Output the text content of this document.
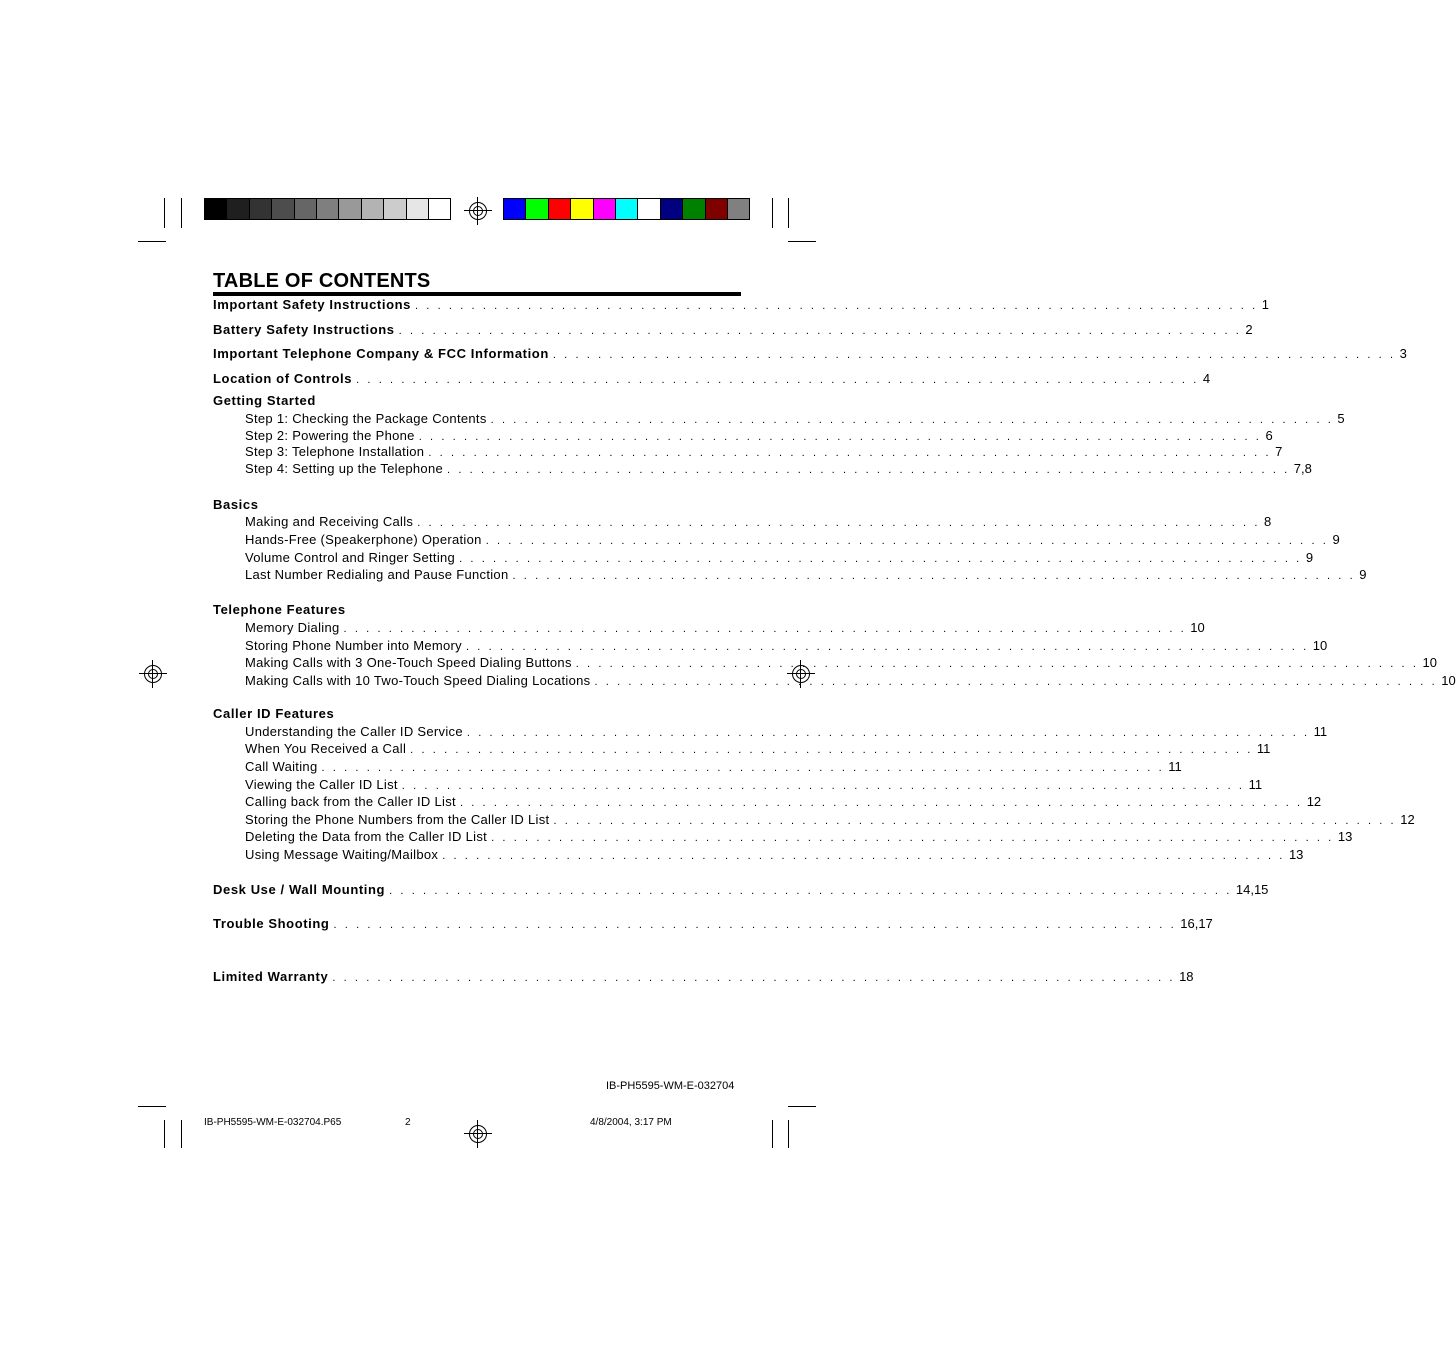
TABLE OF CONTENTS
Important Safety Instructions . . . . . . . . . . . . . . . . . . . . . . . . . . . . . . . . . . . . . . . . . . . . . . . . . . . . . . . . . . . . . . . . . . . . . . . . . . . 1
Battery Safety Instructions . . . . . . . . . . . . . . . . . . . . . . . . . . . . . . . . . . . . . . . . . . . . . . . . . . . . . . . . . . . . . . . . . . . . . . . . . . . 2
Important Telephone Company & FCC Information . . . . . . . . . . . . . . . . . . . . . . . . . . . . . . . . . . . . . . . . . . . . . . . . . . . . . . . . . . . . . . . . . . . . . . . . . . . 3
Location of Controls . . . . . . . . . . . . . . . . . . . . . . . . . . . . . . . . . . . . . . . . . . . . . . . . . . . . . . . . . . . . . . . . . . . . . . . . . . . 4
Getting Started
Step 1: Checking the Package Contents . . . . . . . . . . . . . . . . . . . . . . . . . . . . . . . . . . . . . . . . . . . . . . . . . . . . . . . . . . . . . . . . . . . . . . . . . . . 5
Step 2: Powering the Phone . . . . . . . . . . . . . . . . . . . . . . . . . . . . . . . . . . . . . . . . . . . . . . . . . . . . . . . . . . . . . . . . . . . . . . . . . . . 6
Step 3: Telephone Installation . . . . . . . . . . . . . . . . . . . . . . . . . . . . . . . . . . . . . . . . . . . . . . . . . . . . . . . . . . . . . . . . . . . . . . . . . . . 7
Step 4: Setting up the Telephone . . . . . . . . . . . . . . . . . . . . . . . . . . . . . . . . . . . . . . . . . . . . . . . . . . . . . . . . . . . . . . . . . . . . . . . . . . . 7,8
Basics
Making and Receiving Calls . . . . . . . . . . . . . . . . . . . . . . . . . . . . . . . . . . . . . . . . . . . . . . . . . . . . . . . . . . . . . . . . . . . . . . . . . . . 8
Hands-Free (Speakerphone) Operation . . . . . . . . . . . . . . . . . . . . . . . . . . . . . . . . . . . . . . . . . . . . . . . . . . . . . . . . . . . . . . . . . . . . . . . . . . . 9
Volume Control and Ringer Setting . . . . . . . . . . . . . . . . . . . . . . . . . . . . . . . . . . . . . . . . . . . . . . . . . . . . . . . . . . . . . . . . . . . . . . . . . . . 9
Last Number Redialing and Pause Function . . . . . . . . . . . . . . . . . . . . . . . . . . . . . . . . . . . . . . . . . . . . . . . . . . . . . . . . . . . . . . . . . . . . . . . . . . . 9
Telephone Features
Memory Dialing . . . . . . . . . . . . . . . . . . . . . . . . . . . . . . . . . . . . . . . . . . . . . . . . . . . . . . . . . . . . . . . . . . . . . . . . . . . 10
Storing Phone Number into Memory . . . . . . . . . . . . . . . . . . . . . . . . . . . . . . . . . . . . . . . . . . . . . . . . . . . . . . . . . . . . . . . . . . . . . . . . . . . 10
Making Calls with 3 One-Touch Speed Dialing Buttons . . . . . . . . . . . . . . . . . . . . . . . . . . . . . . . . . . . . . . . . . . . . . . . . . . . . . . . . . . . . . . . . . . . . . . . . . . . 10
Making Calls with 10 Two-Touch Speed Dialing Locations . . . . . . . . . . . . . . . . . . . . . . . . . . . . . . . . . . . . . . . . . . . . . . . . . . . . . . . . . . . . . . . . . . . . . . . . . . . 10
Caller ID Features
Understanding the Caller ID Service . . . . . . . . . . . . . . . . . . . . . . . . . . . . . . . . . . . . . . . . . . . . . . . . . . . . . . . . . . . . . . . . . . . . . . . . . . . 11
When You Received a Call . . . . . . . . . . . . . . . . . . . . . . . . . . . . . . . . . . . . . . . . . . . . . . . . . . . . . . . . . . . . . . . . . . . . . . . . . . . 11
Call Waiting . . . . . . . . . . . . . . . . . . . . . . . . . . . . . . . . . . . . . . . . . . . . . . . . . . . . . . . . . . . . . . . . . . . . . . . . . . . 11
Viewing the Caller ID List . . . . . . . . . . . . . . . . . . . . . . . . . . . . . . . . . . . . . . . . . . . . . . . . . . . . . . . . . . . . . . . . . . . . . . . . . . . 11
Calling back from the Caller ID List . . . . . . . . . . . . . . . . . . . . . . . . . . . . . . . . . . . . . . . . . . . . . . . . . . . . . . . . . . . . . . . . . . . . . . . . . . . 12
Storing the Phone Numbers from the Caller ID List . . . . . . . . . . . . . . . . . . . . . . . . . . . . . . . . . . . . . . . . . . . . . . . . . . . . . . . . . . . . . . . . . . . . . . . . . . . 12
Deleting the Data from the Caller ID List . . . . . . . . . . . . . . . . . . . . . . . . . . . . . . . . . . . . . . . . . . . . . . . . . . . . . . . . . . . . . . . . . . . . . . . . . . . 13
Using Message Waiting/Mailbox . . . . . . . . . . . . . . . . . . . . . . . . . . . . . . . . . . . . . . . . . . . . . . . . . . . . . . . . . . . . . . . . . . . . . . . . . . . 13
Desk Use / Wall Mounting . . . . . . . . . . . . . . . . . . . . . . . . . . . . . . . . . . . . . . . . . . . . . . . . . . . . . . . . . . . . . . . . . . . . . . . . . . . 14,15
Trouble Shooting . . . . . . . . . . . . . . . . . . . . . . . . . . . . . . . . . . . . . . . . . . . . . . . . . . . . . . . . . . . . . . . . . . . . . . . . . . . 16,17
Limited Warranty . . . . . . . . . . . . . . . . . . . . . . . . . . . . . . . . . . . . . . . . . . . . . . . . . . . . . . . . . . . . . . . . . . . . . . . . . . . 18
IB-PH5595-WM-E-032704
IB-PH5595-WM-E-032704.P65	2	4/8/2004, 3:17 PM
